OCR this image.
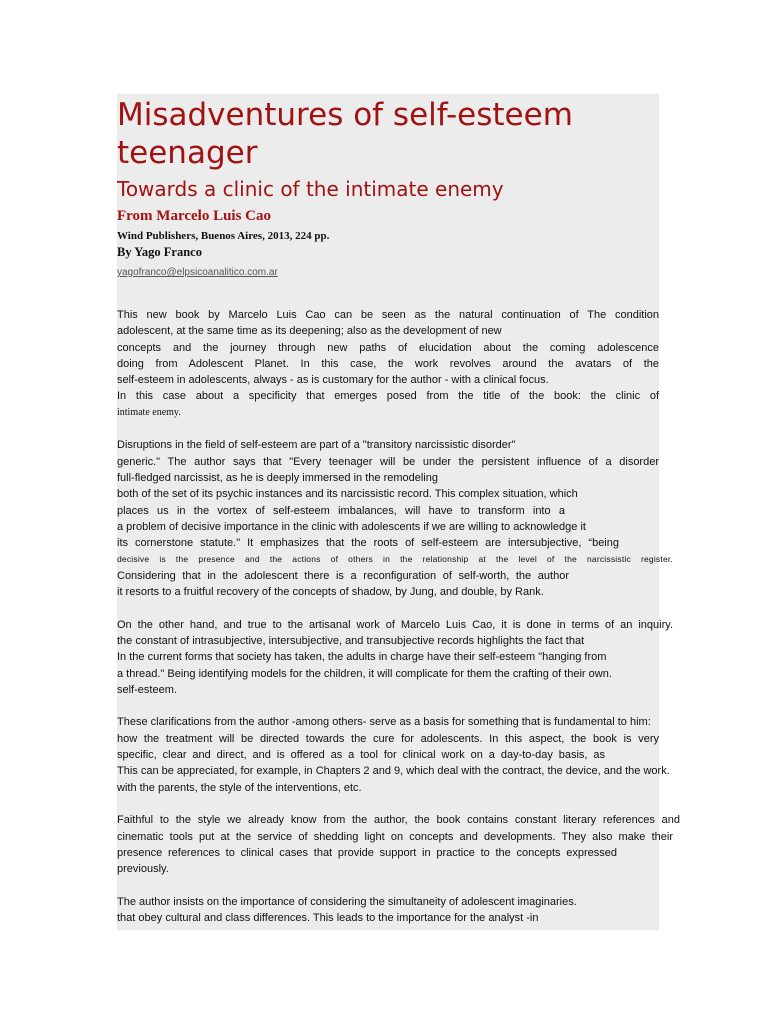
Misadventures of self-esteem teenager
Towards a clinic of the intimate enemy
From Marcelo Luis Cao
Wind Publishers, Buenos Aires, 2013, 224 pp.
By Yago Franco
yagofranco@elpsicoanalitico.com.ar
This new book by Marcelo Luis Cao can be seen as the natural continuation of The condition
adolescent, at the same time as its deepening; also as the development of new
concepts and the journey through new paths of elucidation about the coming adolescence
doing from Adolescent Planet. In this case, the work revolves around the avatars of the
self-esteem in adolescents, always - as is customary for the author - with a clinical focus.
In this case about a specificity that emerges posed from the title of the book: the clinic of
intimate enemy.
Disruptions in the field of self-esteem are part of a "transitory narcissistic disorder"
generic." The author says that "Every teenager will be under the persistent influence of a disorder
full-fledged narcissist, as he is deeply immersed in the remodeling
both of the set of its psychic instances and its narcissistic record. This complex situation, which
places us in the vortex of self-esteem imbalances, will have to transform into a
a problem of decisive importance in the clinic with adolescents if we are willing to acknowledge it
its cornerstone statute." It emphasizes that the roots of self-esteem are intersubjective, “being
decisive is the presence and the actions of others in the relationship at the level of the narcissistic register.
Considering that in the adolescent there is a reconfiguration of self-worth, the author
it resorts to a fruitful recovery of the concepts of shadow, by Jung, and double, by Rank.
On the other hand, and true to the artisanal work of Marcelo Luis Cao, it is done in terms of an inquiry.
the constant of intrasubjective, intersubjective, and transubjective records highlights the fact that
In the current forms that society has taken, the adults in charge have their self-esteem "hanging from
a thread." Being identifying models for the children, it will complicate for them the crafting of their own.
self-esteem.
These clarifications from the author -among others- serve as a basis for something that is fundamental to him:
how the treatment will be directed towards the cure for adolescents. In this aspect, the book is very
specific, clear and direct, and is offered as a tool for clinical work on a day-to-day basis, as
This can be appreciated, for example, in Chapters 2 and 9, which deal with the contract, the device, and the work.
with the parents, the style of the interventions, etc.
Faithful to the style we already know from the author, the book contains constant literary references and
cinematic tools put at the service of shedding light on concepts and developments. They also make their
presence references to clinical cases that provide support in practice to the concepts expressed
previously.
The author insists on the importance of considering the simultaneity of adolescent imaginaries.
that obey cultural and class differences. This leads to the importance for the analyst -in
